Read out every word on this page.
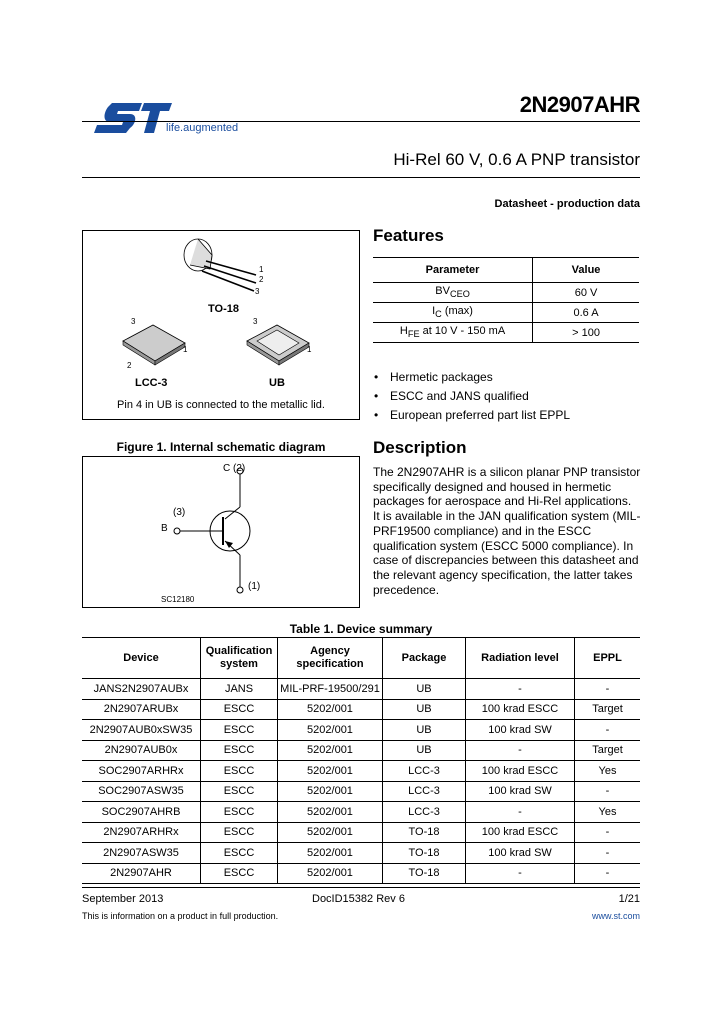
life.augmented
2N2907AHR
Hi-Rel 60 V, 0.6 A PNP transistor
Datasheet - production data
1
2
3
TO-18
3
1
2
LCC-3
3
1
UB
Pin 4 in UB is connected to the metallic lid.
Figure 1. Internal schematic diagram
C (2)
(3)
B
(1)
SC12180
Features
Parameter	Value
$BV_{CEO}$	60 V
$I_C$ (max)	0.6 A
$H_{FE}$ at 10 V - 150 mA	> 100
• Hermetic packages
• ESCC and JANS qualified
• European preferred part list EPPL
Description
The 2N2907AHR is a silicon planar PNP transistor specifically designed and housed in hermetic packages for aerospace and Hi-Rel applications. It is available in the JAN qualification system (MIL-PRF19500 compliance) and in the ESCC qualification system (ESCC 5000 compliance). In case of discrepancies between this datasheet and the relevant agency specification, the latter takes precedence.
Table 1. Device summary
Device	Qualification system	Agency specification	Package	Radiation level	EPPL
JANS2N2907AUBx	JANS	MIL-PRF-19500/291	UB	-	-
2N2907ARUBx	ESCC	5202/001	UB	100 krad ESCC	Target
2N2907AUB0xSW35	ESCC	5202/001	UB	100 krad SW	-
2N2907AUB0x	ESCC	5202/001	UB	-	Target
SOC2907ARHRx	ESCC	5202/001	LCC-3	100 krad ESCC	Yes
SOC2907ASW35	ESCC	5202/001	LCC-3	100 krad SW	-
SOC2907AHRB	ESCC	5202/001	LCC-3	-	Yes
2N2907ARHRx	ESCC	5202/001	TO-18	100 krad ESCC	-
2N2907ASW35	ESCC	5202/001	TO-18	100 krad SW	-
2N2907AHR	ESCC	5202/001	TO-18	-	-
September 2013	DocID15382 Rev 6	1/21
This is information on a product in full production.	www.st.com
